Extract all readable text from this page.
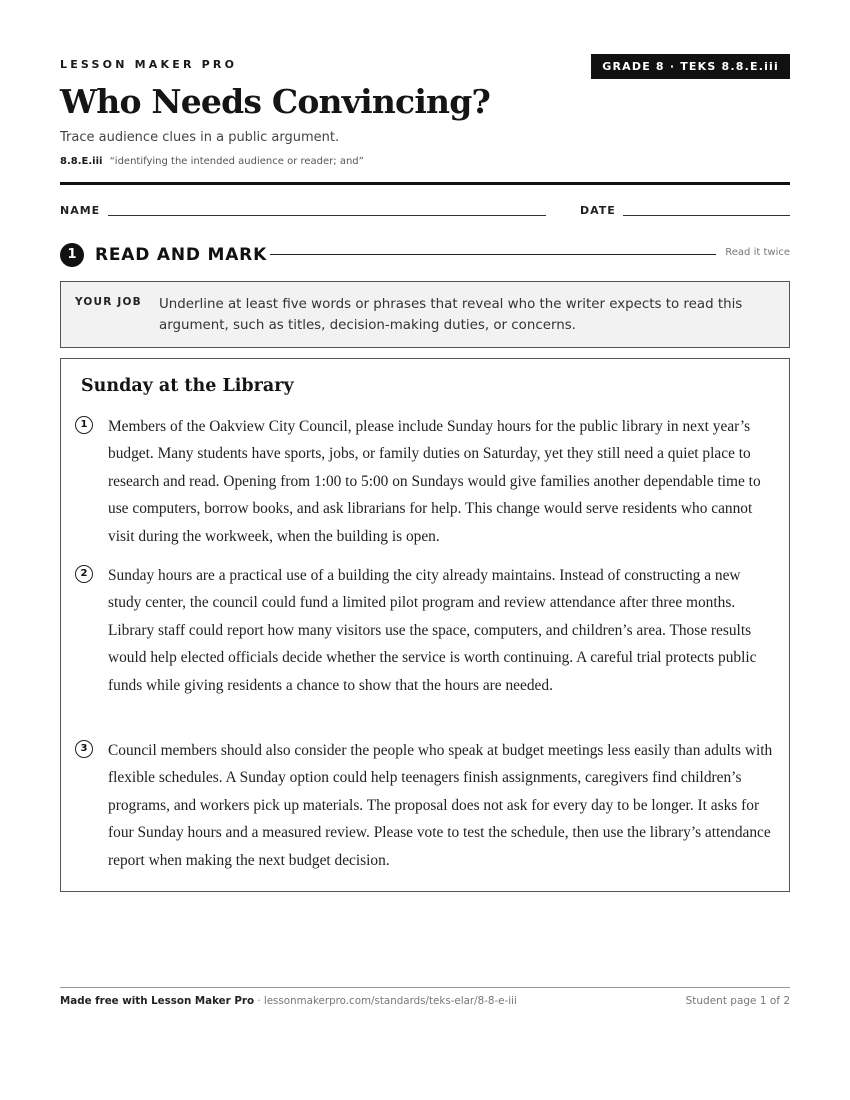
LESSON MAKER PRO	GRADE 8 · TEKS 8.8.E.iii
Who Needs Convincing?
Trace audience clues in a public argument.
8.8.E.iii “identifying the intended audience or reader; and”
NAME	DATE
1	READ AND MARK	Read it twice
YOUR JOB Underline at least five words or phrases that reveal who the writer expects to read this argument, such as titles, decision-making duties, or concerns.
Sunday at the Library
1	Members of the Oakview City Council, please include Sunday hours for the public library in next year’s budget. Many students have sports, jobs, or family duties on Saturday, yet they still need a quiet place to research and read. Opening from 1:00 to 5:00 on Sundays would give families another dependable time to use computers, borrow books, and ask librarians for help. This change would serve residents who cannot visit during the workweek, when the building is open.

2	Sunday hours are a practical use of a building the city already maintains. Instead of constructing a new study center, the council could fund a limited pilot program and review attendance after three months. Library staff could report how many visitors use the space, computers, and children’s area. Those results would help elected officials decide whether the service is worth continuing. A careful trial protects public funds while giving residents a chance to show that the hours are needed.

3	Council members should also consider the people who speak at budget meetings less easily than adults with flexible schedules. A Sunday option could help teenagers finish assignments, caregivers find children’s programs, and workers pick up materials. The proposal does not ask for every day to be longer. It asks for four Sunday hours and a measured review. Please vote to test the schedule, then use the library’s attendance report when making the next budget decision.

Made free with Lesson Maker Pro · lessonmakerpro.com/standards/teks-elar/8-8-e-iii	Student page 1 of 2
